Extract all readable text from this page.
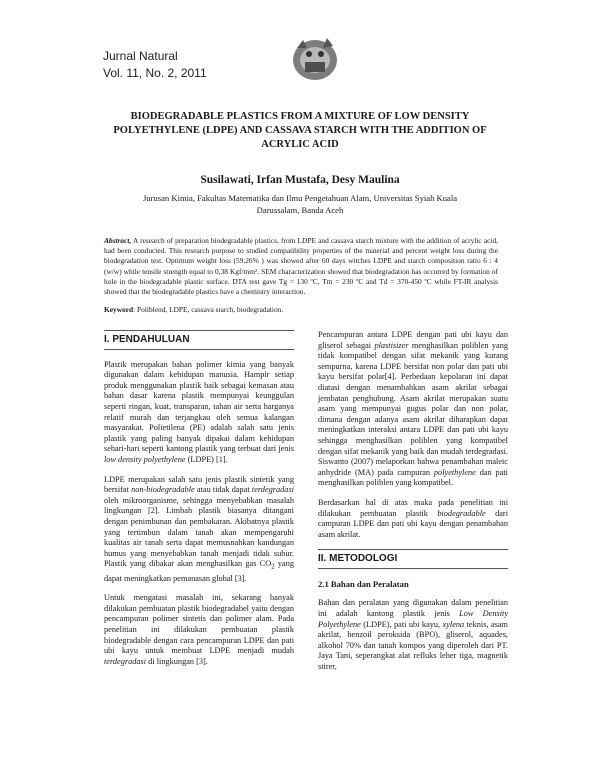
Jurnal Natural
Vol. 11, No. 2, 2011
BIODEGRADABLE PLASTICS FROM A MIXTURE OF LOW DENSITY POLYETHYLENE (LDPE) AND CASSAVA STARCH WITH THE ADDITION OF ACRYLIC ACID
Susilawati, Irfan Mustafa, Desy Maulina
Jurusan Kimia, Fakultas Matematika dan Ilmu Pengetahuan Alam, Universitas Syiah Kuala
Darussalam, Banda Aceh
Abstract, A research of preparation biodegradable plastics, from LDPE and cassava starch mixture with the addition of acrylic acid, had been conducted. This research purpose to studied compatibility properties of the material and percent weight loss during the biodegradation test. Optimum weight loss (59,26% ) was showed after 60 days witches LDPE and starch composition ratio 6 : 4 (w/w) while tensile strength equal to 0,38 Kgf/mm². SEM characterization showed that biodegradation has occurred by formation of hole in the biodegradable plastic surface. DTA test gave Tg = 130 ºC, Tm = 230 ºC and Td = 370-450 ºC while FT-IR analysis showed that the biodegradable plastics have a chemistry interaction.
Keyword: Poliblend, LDPE, cassava starch, biodegradation.
I. PENDAHULUAN

Plastik merupakan bahan polimer kimia yang banyak digunakan dalam kehidupan manusia. Hampir setiap produk menggunakan plastik baik sebagai kemasan atau bahan dasar karena plastik mempunyai keunggulan seperti ringan, kuat, transparan, tahan air serta harganya relatif murah dan terjangkau oleh semua kalangan masyarakat. Polietilena (PE) adalah salah satu jenis plastik yang paling banyak dipakai dalam kehidupan sehari-hari seperti kantong plastik yang terbuat dari jenis low density polyethylene (LDPE) [1].

LDPE merupakan salah satu jenis plastik sintetik yang bersifat non-biodegradable atau tidak dapat terdegradasi oleh mikroorganisme, sehingga menyebabkan masalah lingkungan [2]. Limbah plastik biasanya ditangani dengan penimbunan dan pembakaran. Akibatnya plastik yang tertimbun dalam tanah akan mempengaruhi kualitas air tanah serta dapat memusnahkan kandungan humus yang menyebabkan tanah menjadi tidak subur. Plastik yang dibakar akan menghasilkan gas $CO_2$ yang dapat meningkatkan pemanasan global [3].

Untuk mengatasi masalah ini, sekarang banyak dilakukan pembuatan plastik biodegradabel yaitu dengan pencampuran polimer sintetis dan polimer alam. Pada penelitian ini dilakukan pembuatan plastik biodegradable dengan cara pencampuran LDPE dan pati ubi kayu untuk membuat LDPE menjadi mudah terdegradasi di lingkungan [3].

Pencampuran antara LDPE dengan pati ubi kayu dan gliserol sebagai plastisizer menghasilkan poliblen yang tidak kompatibel dengan sifat mekanik yang kurang sempurna, karena LDPE bersifat non polar dan pati ubi kayu bersifat polar[4]. Perbedaan kepolaran ini dapat diatasi dengan menambahkan asam akrilat sebagai jembatan penghubung. Asam akrilat merupakan suatu asam yang mempunyai gugus polar dan non polar, dimana dengan adanya asam akrilat diharapkan dapat meningkatkan interaksi antara LDPE dan pati ubi kayu sehingga menghasilkan poliblen yang kompatibel dengan sifat mekanik yang baik dan mudah terdegradasi. Siswanto (2007) melaporkan bahwa penambahan maleic anhydride (MA) pada campuran polyethylene dan pati menghasilkan poliblen yang kompatibel.

Berdasarkan hal di atas maka pada penelitian ini dilakukan pembuatan plastik biodegradable dari campuran LDPE dan pati ubi kayu dengan penambahan asam akrilat.

II. METODOLOGI
2.1 Bahan dan Peralatan

Bahan dan peralatan yang digunakan dalam penelitian ini adalah kantong plastik jenis Low Density Polyethylene (LDPE), pati ubi kayu, xylena teknis, asam akrilat, benzoil peroksida (BPO), gliserol, aquades, alkohol 70% dan tanah kompos yang diperoleh dari PT. Jaya Tani, seperangkat alat refluks leher tiga, magnetik stirer,
